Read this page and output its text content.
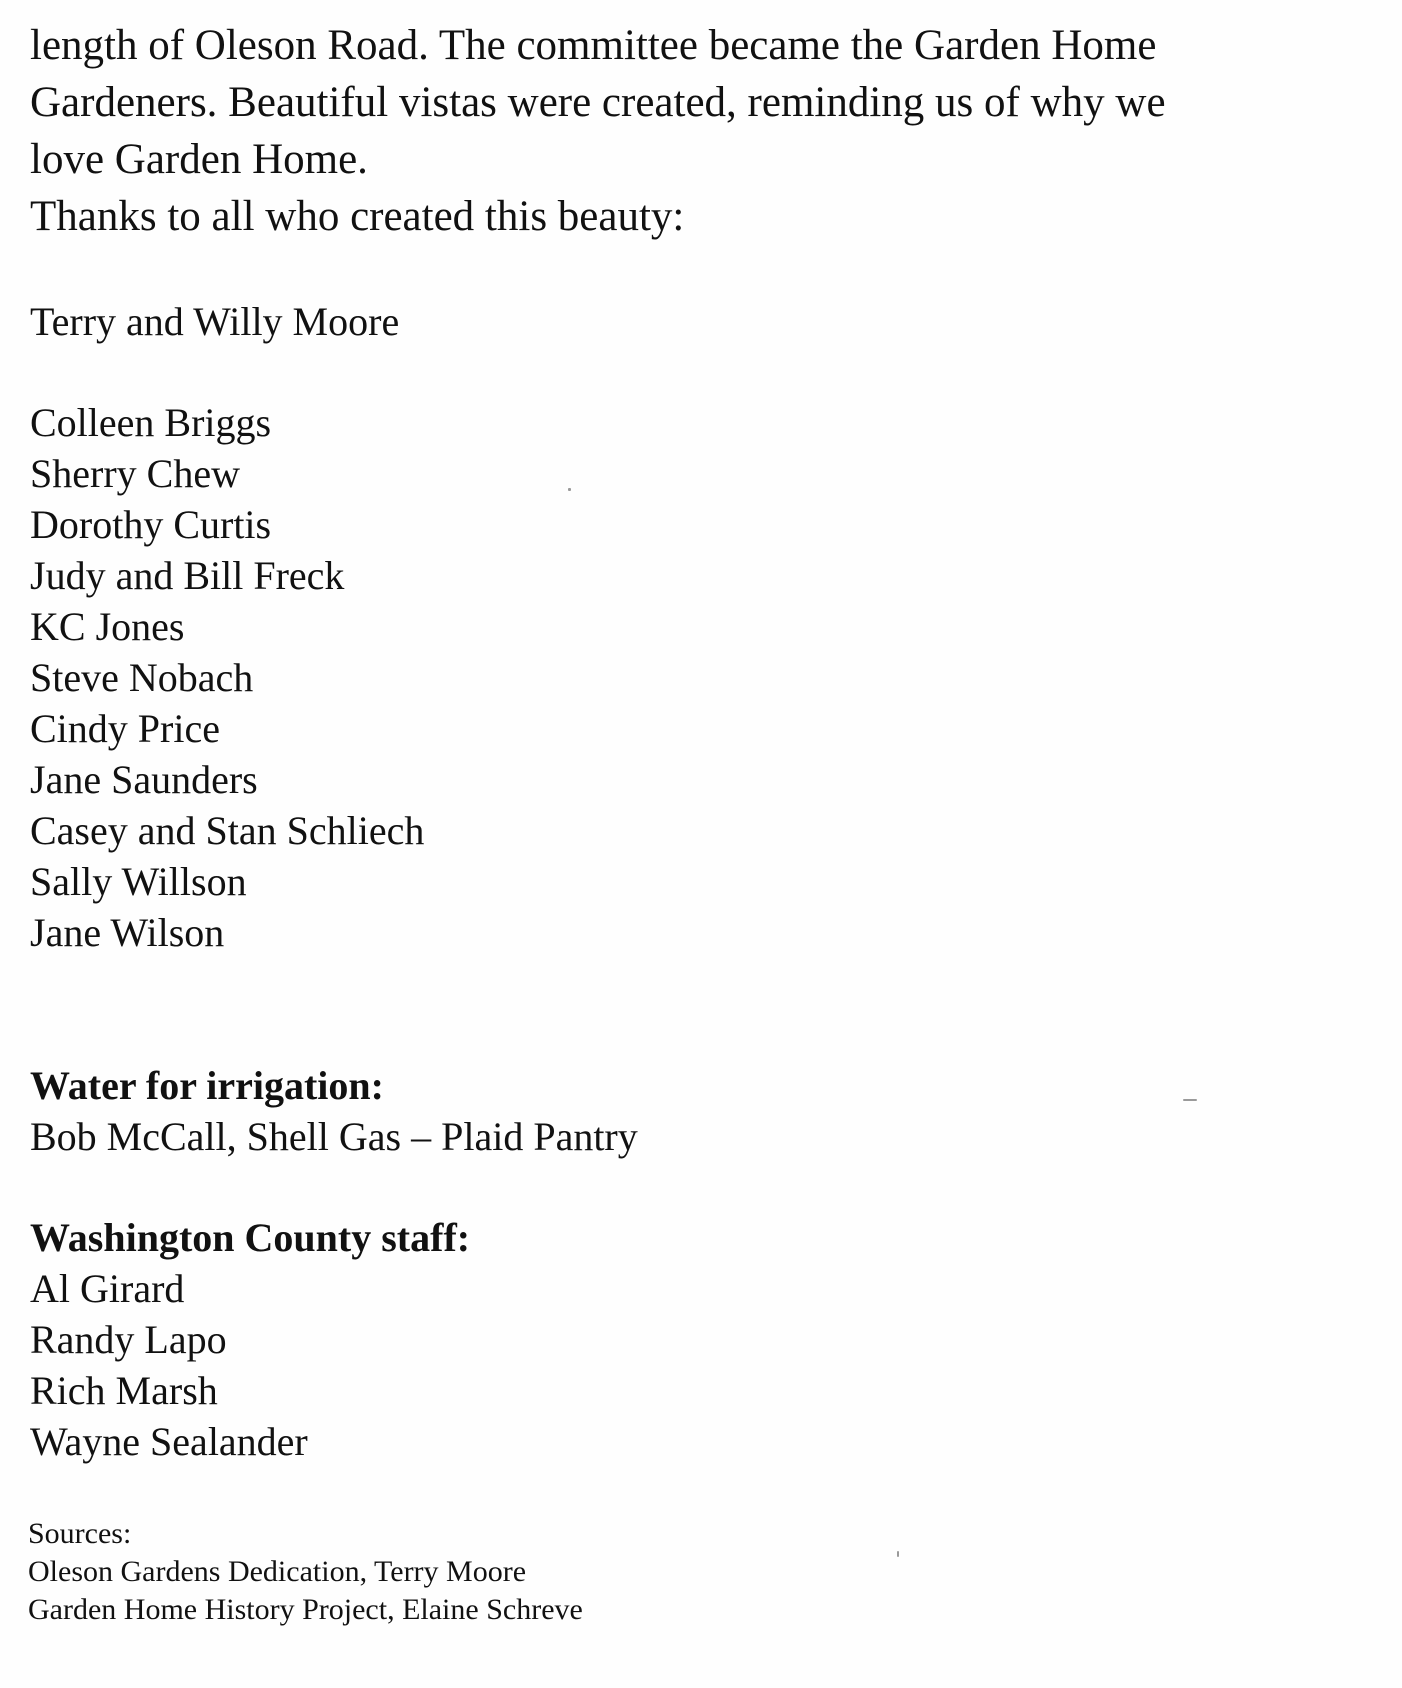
length of Oleson Road. The committee became the Garden Home

Gardeners. Beautiful vistas were created, reminding us of why we

love Garden Home.

Thanks to all who created this beauty:

Terry and Willy Moore

Colleen Briggs

Sherry Chew

Dorothy Curtis

Judy and Bill Freck

KC Jones

Steve Nobach

Cindy Price

Jane Saunders

Casey and Stan Schliech

Sally Willson

Jane Wilson

Water for irrigation:

Bob McCall, Shell Gas – Plaid Pantry

Washington County staff:

Al Girard

Randy Lapo

Rich Marsh

Wayne Sealander

Sources:

Oleson Gardens Dedication, Terry Moore

Garden Home History Project, Elaine Schreve
